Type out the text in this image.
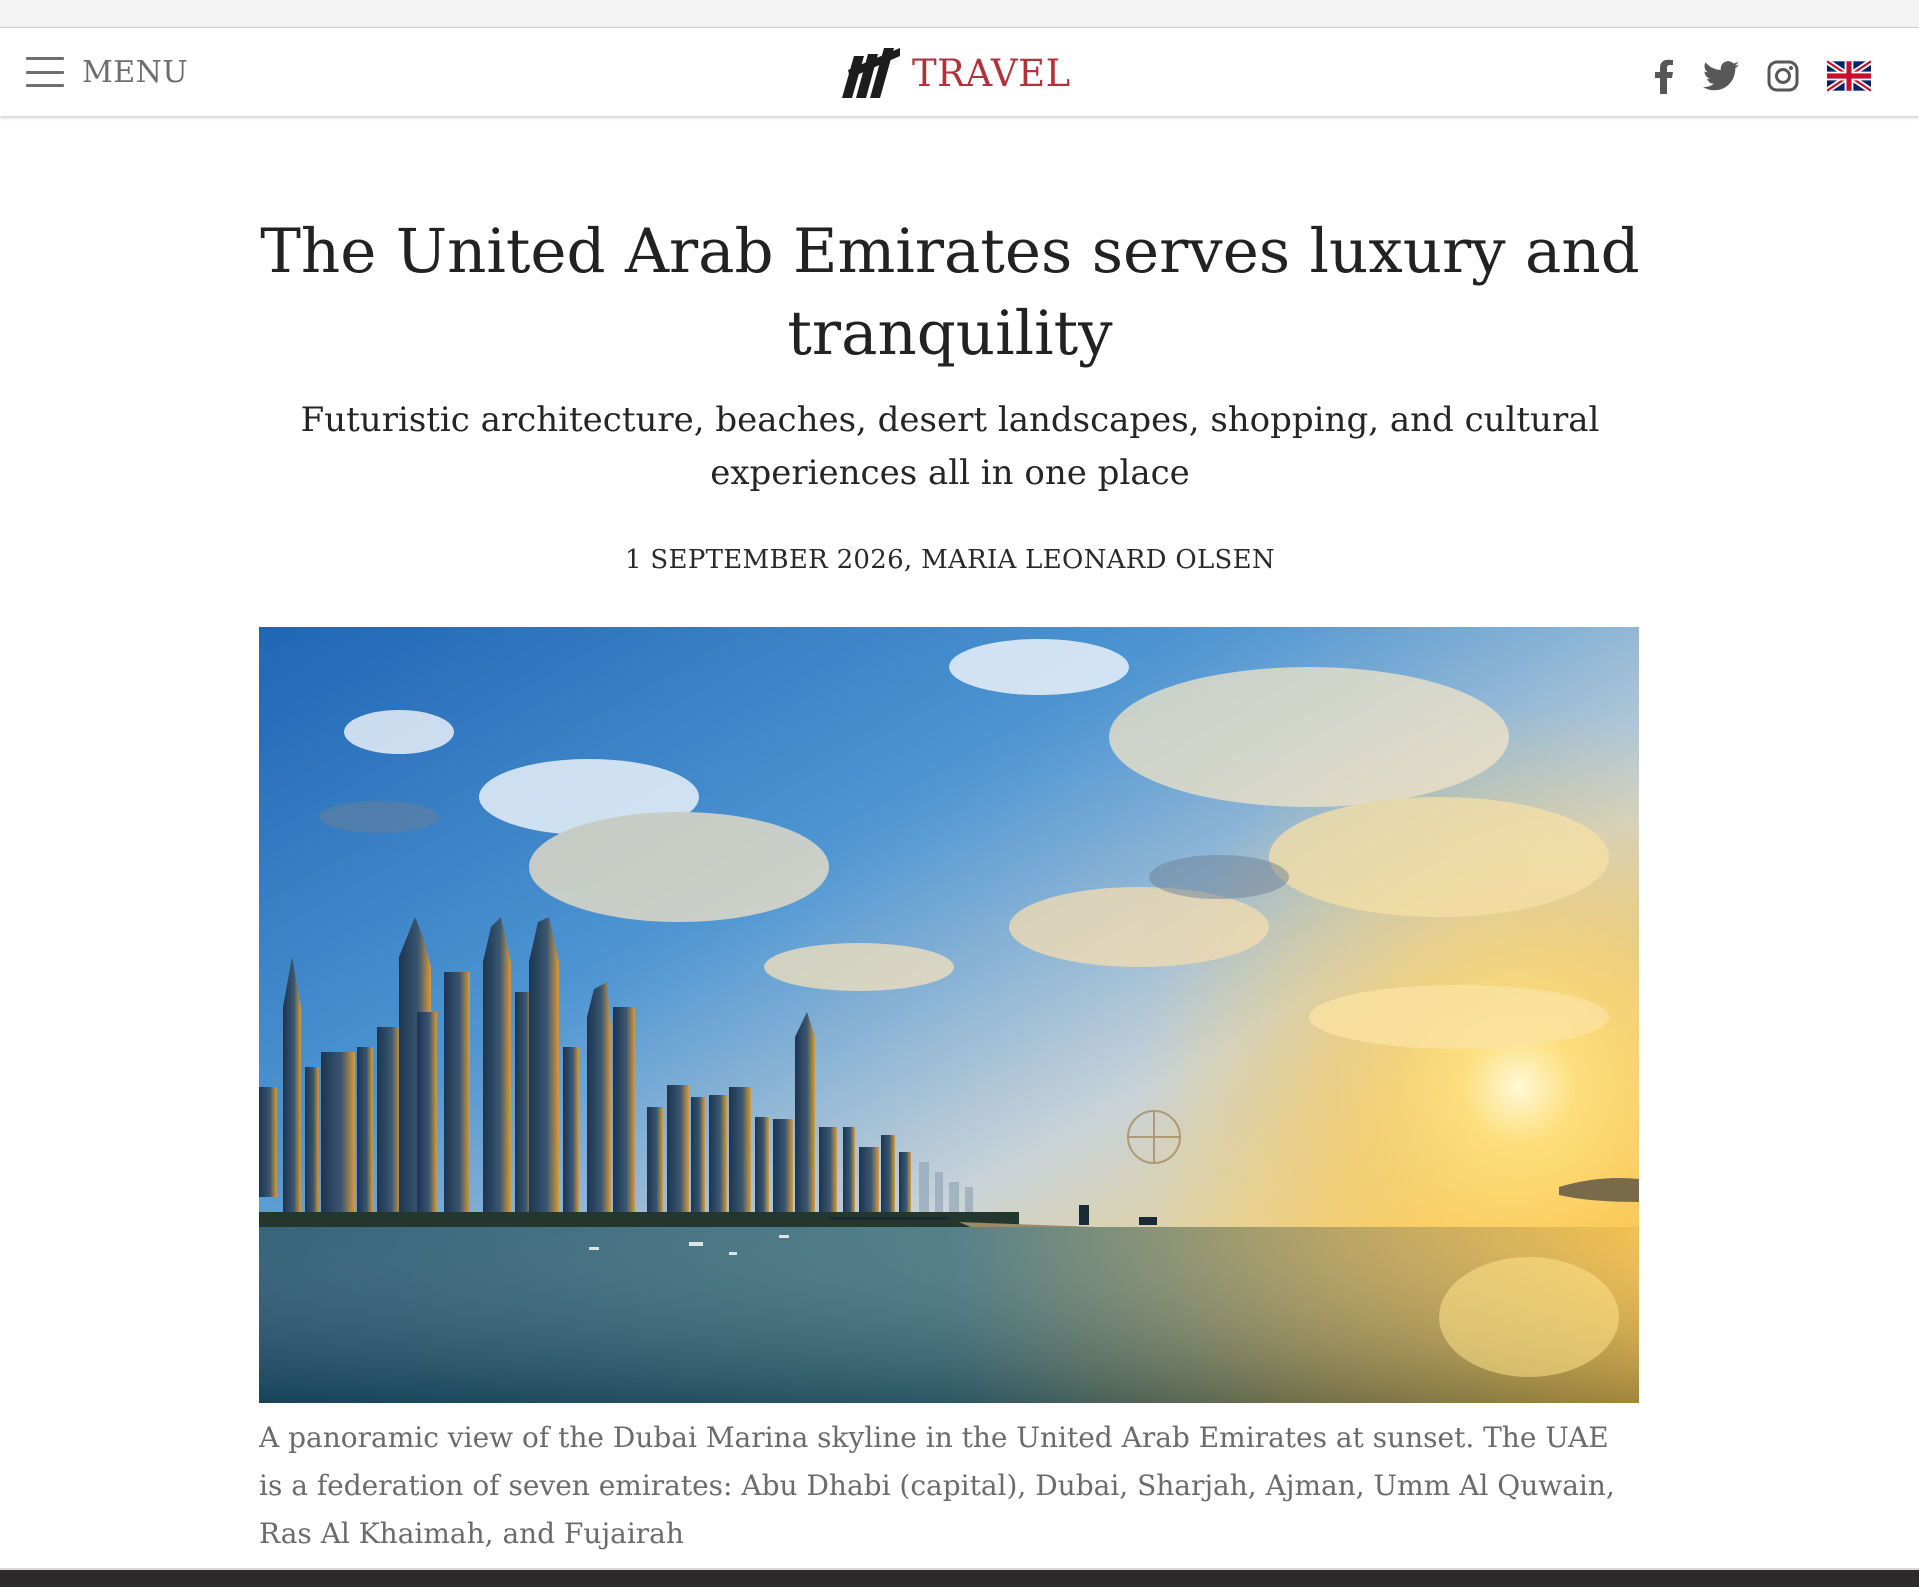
MENU	TRAVEL
The United Arab Emirates serves luxury and tranquility

Futuristic architecture, beaches, desert landscapes, shopping, and cultural experiences all in one place

1 SEPTEMBER 2026, MARIA LEONARD OLSEN

A panoramic view of the Dubai Marina skyline in the United Arab Emirates at sunset. The UAE is a federation of seven emirates: Abu Dhabi (capital), Dubai, Sharjah, Ajman, Umm Al Quwain, Ras Al Khaimah, and Fujairah
